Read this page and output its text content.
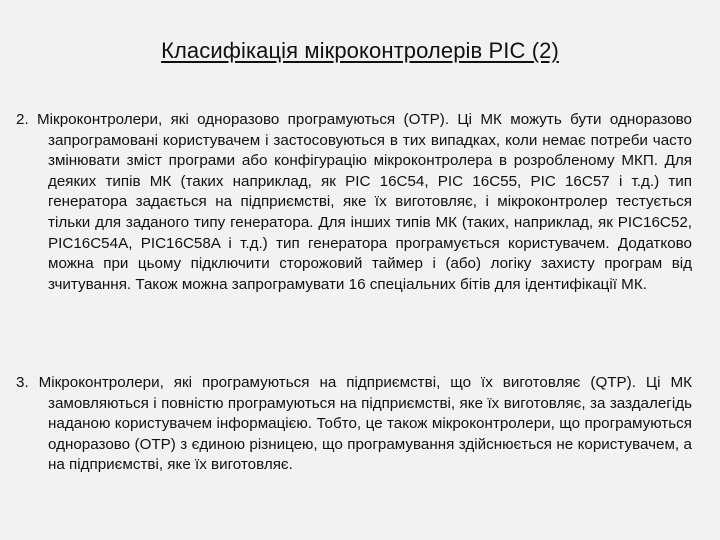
Класифікація мікроконтролерів PIC (2)
2. Мікроконтролери, які одноразово програмуються (OTP). Ці МК можуть бути одноразово запрограмовані користувачем і застосовуються в тих випадках, коли немає потреби часто змінювати зміст програми або конфігурацію мікроконтролера в розробленому МКП. Для деяких типів МК (таких наприклад, як PIC 16C54, PIC 16C55, PIC 16C57 і т.д.) тип генератора задається на підприємстві, яке їх виготовляє, і мікроконтролер тестується тільки для заданого типу генератора. Для інших типів МК (таких, наприклад, як PIC16C52, PIC16C54A, PIC16C58A і т.д.) тип генератора програмується користувачем. Додатково можна при цьому підключити сторожовий таймер і (або) логіку захисту програм від зчитування. Також можна запрограмувати 16 спеціальних бітів для ідентифікації МК.
3. Мікроконтролери, які програмуються на підприємстві, що їх виготовляє (QTP). Ці МК замовляються і повністю програмуються на підприємстві, яке їх виготовляє, за заздалегідь наданою користувачем інформацією. Тобто, це також мікроконтролери, що програмуються одноразово (OTP) з єдиною різницею, що програмування здійснюється не користувачем, а на підприємстві, яке їх виготовляє.
